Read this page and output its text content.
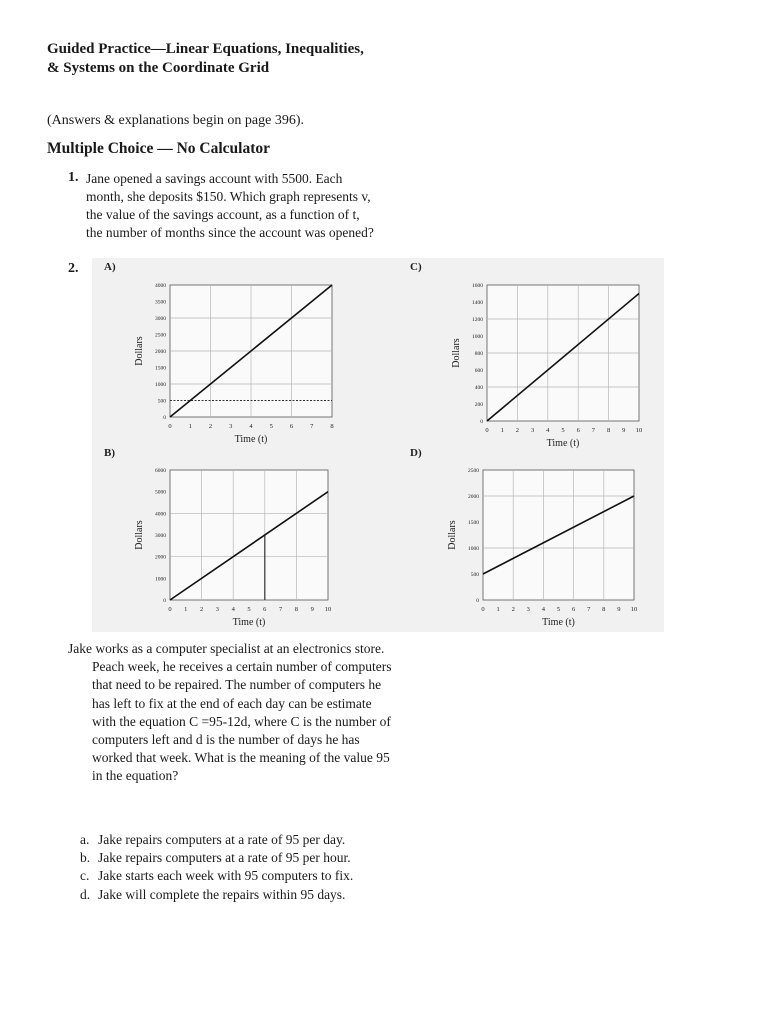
Guided Practice—Linear Equations, Inequalities, & Systems on the Coordinate Grid
(Answers & explanations begin on page 396).
Multiple Choice — No Calculator
1. Jane opened a savings account with 5500. Each month, she deposits $150. Which graph represents v, the value of the savings account, as a function of t, the number of months since the account was opened?
2. A)
0
500
1000
1500
2000
2500
3000
3500
4000
0	1	2	3	4	5	6	7	8
Time (t)
Dollars
C)
0
200
400
600
800
1000
1200
1400
1600
0 1 2 3 4 5 6 7 8 9 10
Time (t)
Dollars
B)
0
1000
2000
3000
4000
5000
6000
0 1 2 3 4 5 6 7 8 9 10
Time (t)
Dollars
D)
0
500
1000
1500
2000
2500
0 1 2 3 4 5 6 7 8 9 10
Time (t)
Dollars
Jake works as a computer specialist at an electronics store. Peach week, he receives a certain number of computers that need to be repaired. The number of computers he has left to fix at the end of each day can be estimate with the equation C =95-12d, where C is the number of computers left and d is the number of days he has worked that week. What is the meaning of the value 95 in the equation?
a. Jake repairs computers at a rate of 95 per day.
b. Jake repairs computers at a rate of 95 per hour.
c. Jake starts each week with 95 computers to fix.
d. Jake will complete the repairs within 95 days.
